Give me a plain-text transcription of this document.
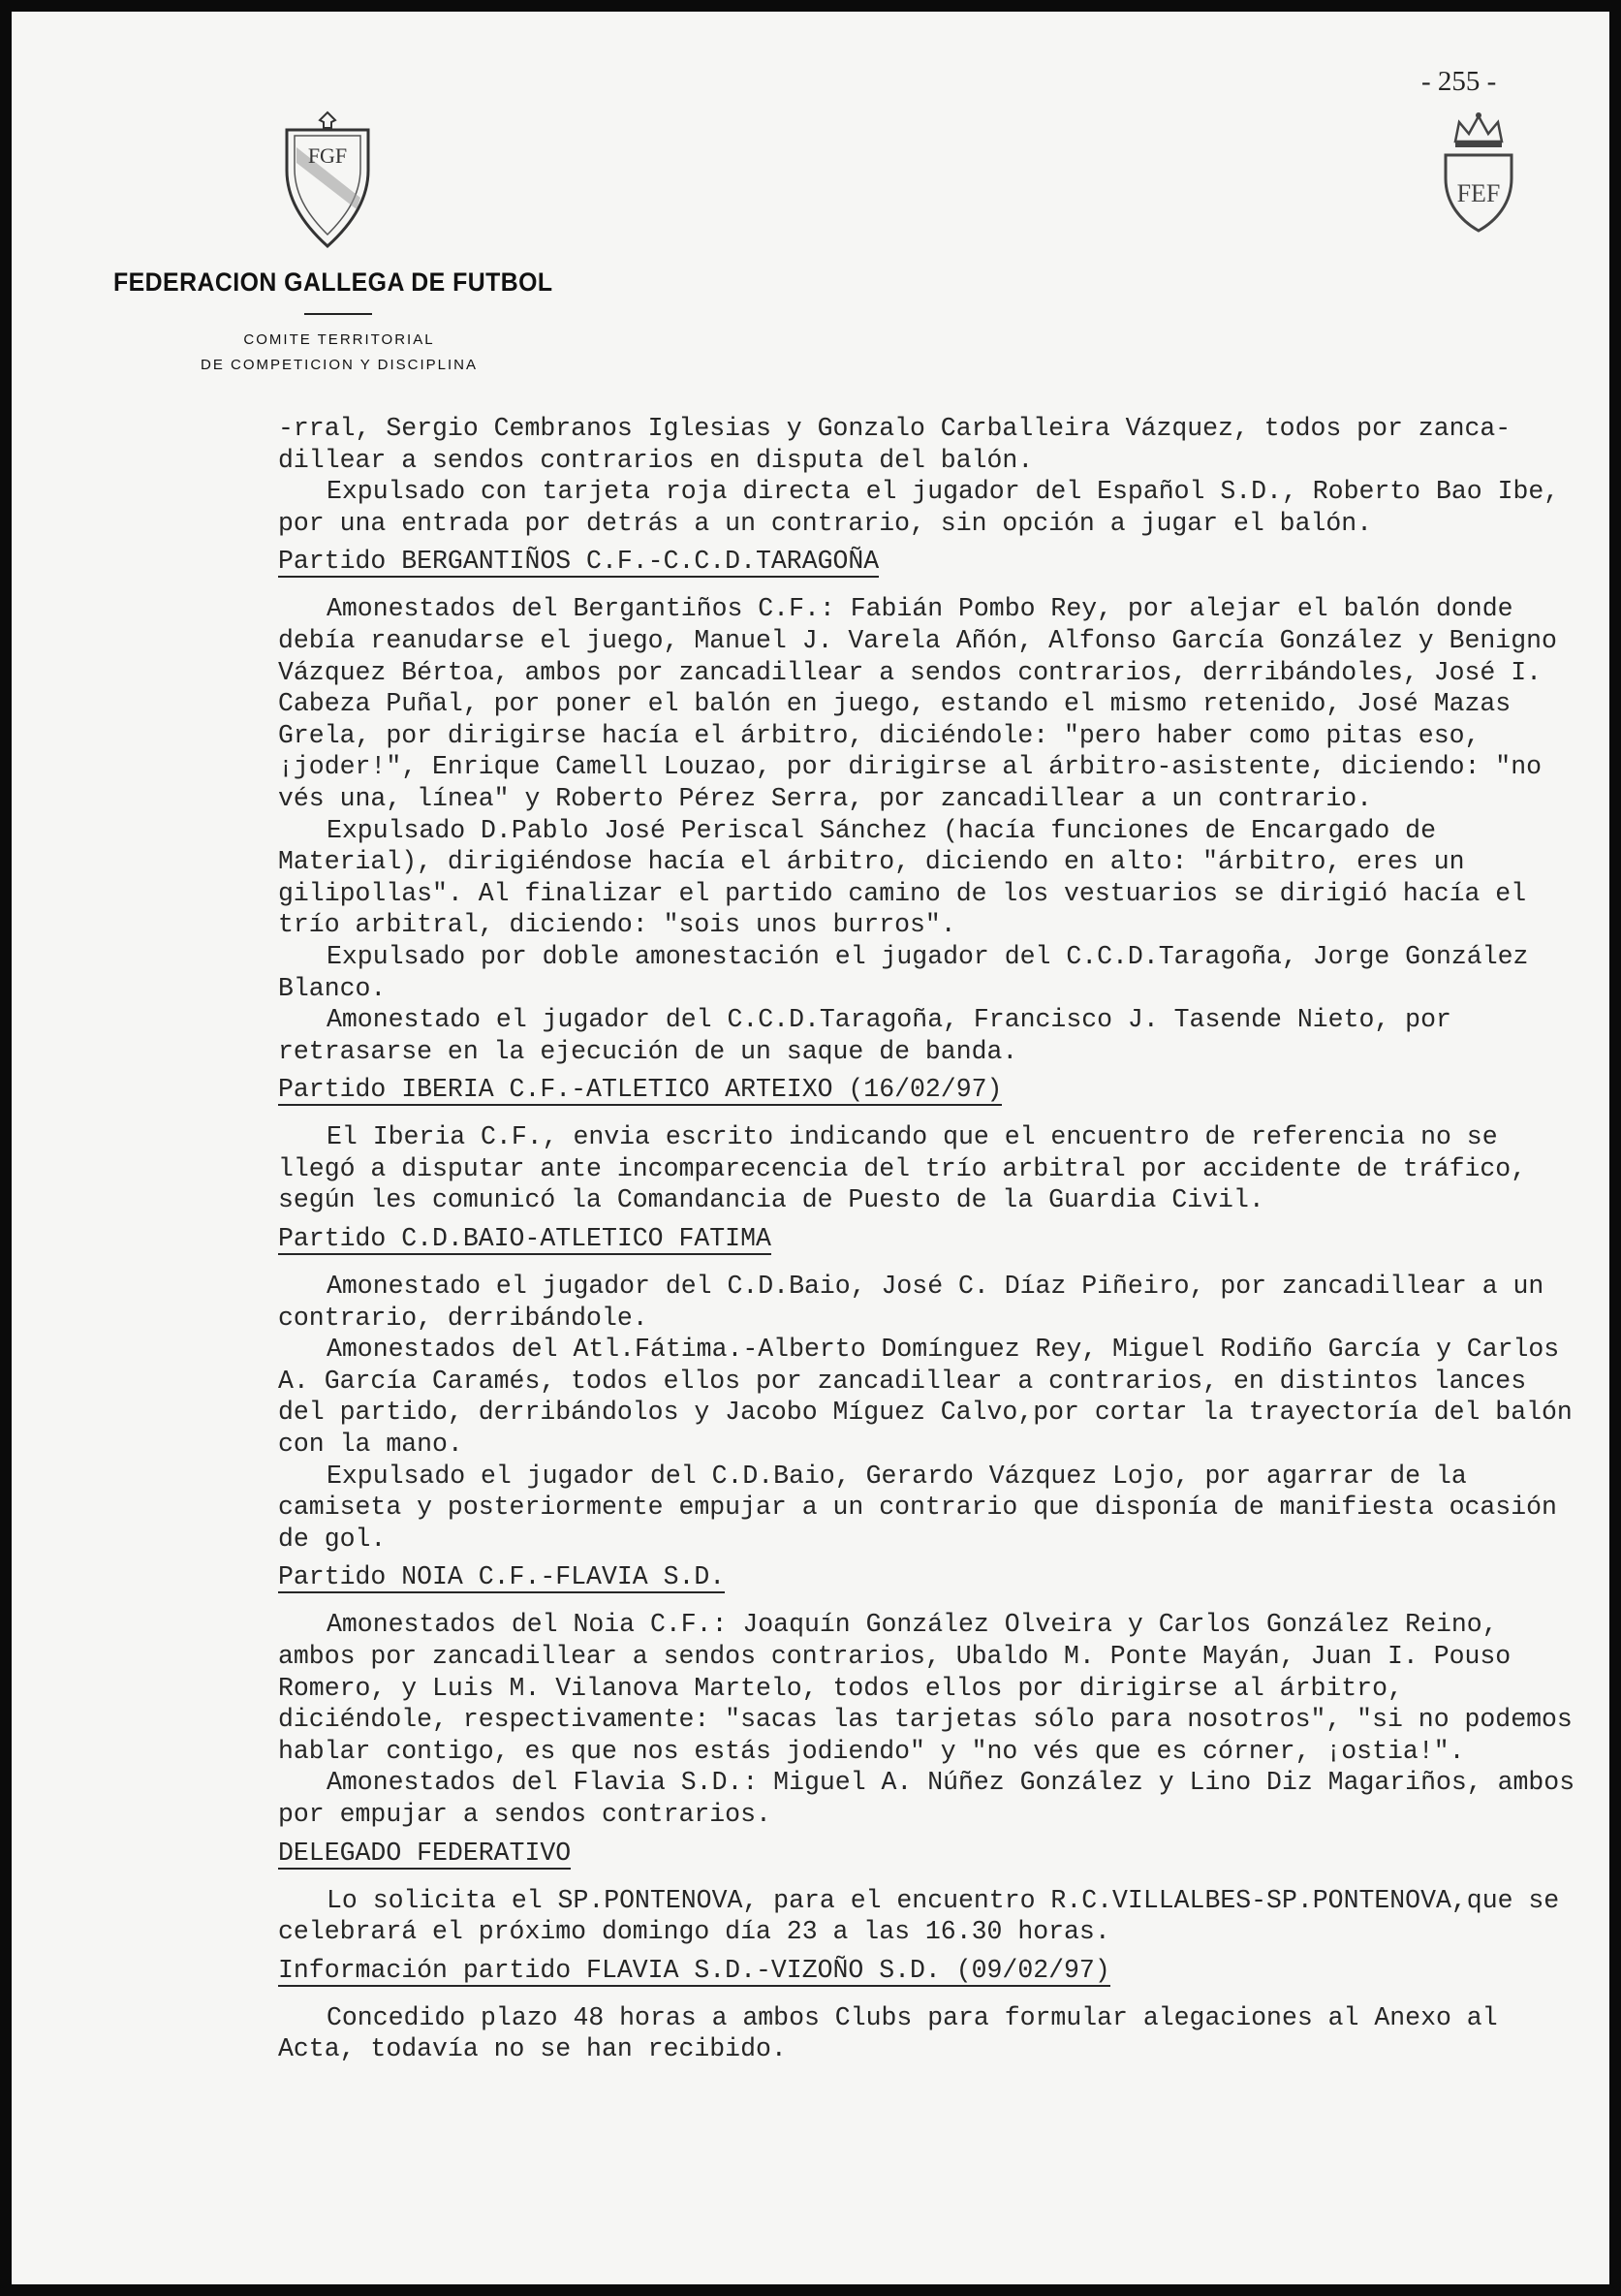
- 255 -
FGF
FEF
FEDERACION GALLEGA DE FUTBOL
COMITE TERRITORIAL
DE COMPETICION Y DISCIPLINA

-rral, Sergio Cembranos Iglesias y Gonzalo Carballeira Vázquez, todos por zanca-dillear a sendos contrarios en disputa del balón.

Expulsado con tarjeta roja directa el jugador del Español S.D., Roberto Bao Ibe, por una entrada por detrás a un contrario, sin opción a jugar el balón.

Partido BERGANTIÑOS C.F.-C.C.D.TARAGOÑA

Amonestados del Bergantiños C.F.: Fabián Pombo Rey, por alejar el balón donde debía reanudarse el juego, Manuel J. Varela Añón, Alfonso García González y Benigno Vázquez Bértoa, ambos por zancadillear a sendos contrarios, derribándoles, José I. Cabeza Puñal, por poner el balón en juego, estando el mismo retenido, José Mazas Grela, por dirigirse hacía el árbitro, diciéndole: "pero haber como pitas eso, ¡joder!", Enrique Camell Louzao, por dirigirse al árbitro-asistente, diciendo: "no vés una, línea" y Roberto Pérez Serra, por zancadillear a un contrario.

Expulsado D.Pablo José Periscal Sánchez (hacía funciones de Encargado de Material), dirigiéndose hacía el árbitro, diciendo en alto: "árbitro, eres un gilipollas". Al finalizar el partido camino de los vestuarios se dirigió hacía el trío arbitral, diciendo: "sois unos burros".

Expulsado por doble amonestación el jugador del C.C.D.Taragoña, Jorge González Blanco.

Amonestado el jugador del C.C.D.Taragoña, Francisco J. Tasende Nieto, por retrasarse en la ejecución de un saque de banda.

Partido IBERIA C.F.-ATLETICO ARTEIXO (16/02/97)

El Iberia C.F., envia escrito indicando que el encuentro de referencia no se llegó a disputar ante incomparecencia del trío arbitral por accidente de tráfico, según les comunicó la Comandancia de Puesto de la Guardia Civil.

Partido C.D.BAIO-ATLETICO FATIMA

Amonestado el jugador del C.D.Baio, José C. Díaz Piñeiro, por zancadillear a un contrario, derribándole.

Amonestados del Atl.Fátima.-Alberto Domínguez Rey, Miguel Rodiño García y Carlos A. García Caramés, todos ellos por zancadillear a contrarios, en distintos lances del partido, derribándolos y Jacobo Míguez Calvo,por cortar la trayectoría del balón con la mano.

Expulsado el jugador del C.D.Baio, Gerardo Vázquez Lojo, por agarrar de la camiseta y posteriormente empujar a un contrario que disponía de manifiesta ocasión de gol.

Partido NOIA C.F.-FLAVIA S.D.

Amonestados del Noia C.F.: Joaquín González Olveira y Carlos González Reino, ambos por zancadillear a sendos contrarios, Ubaldo M. Ponte Mayán, Juan I. Pouso Romero, y Luis M. Vilanova Martelo, todos ellos por dirigirse al árbitro, diciéndole, respectivamente: "sacas las tarjetas sólo para nosotros", "si no podemos hablar contigo, es que nos estás jodiendo" y "no vés que es córner, ¡ostia!".

Amonestados del Flavia S.D.: Miguel A. Núñez González y Lino Diz Magariños, ambos por empujar a sendos contrarios.

DELEGADO FEDERATIVO

Lo solicita el SP.PONTENOVA, para el encuentro R.C.VILLALBES-SP.PONTENOVA,que se celebrará el próximo domingo día 23 a las 16.30 horas.

Información partido FLAVIA S.D.-VIZOÑO S.D. (09/02/97)

Concedido plazo 48 horas a ambos Clubs para formular alegaciones al Anexo al Acta, todavía no se han recibido.
